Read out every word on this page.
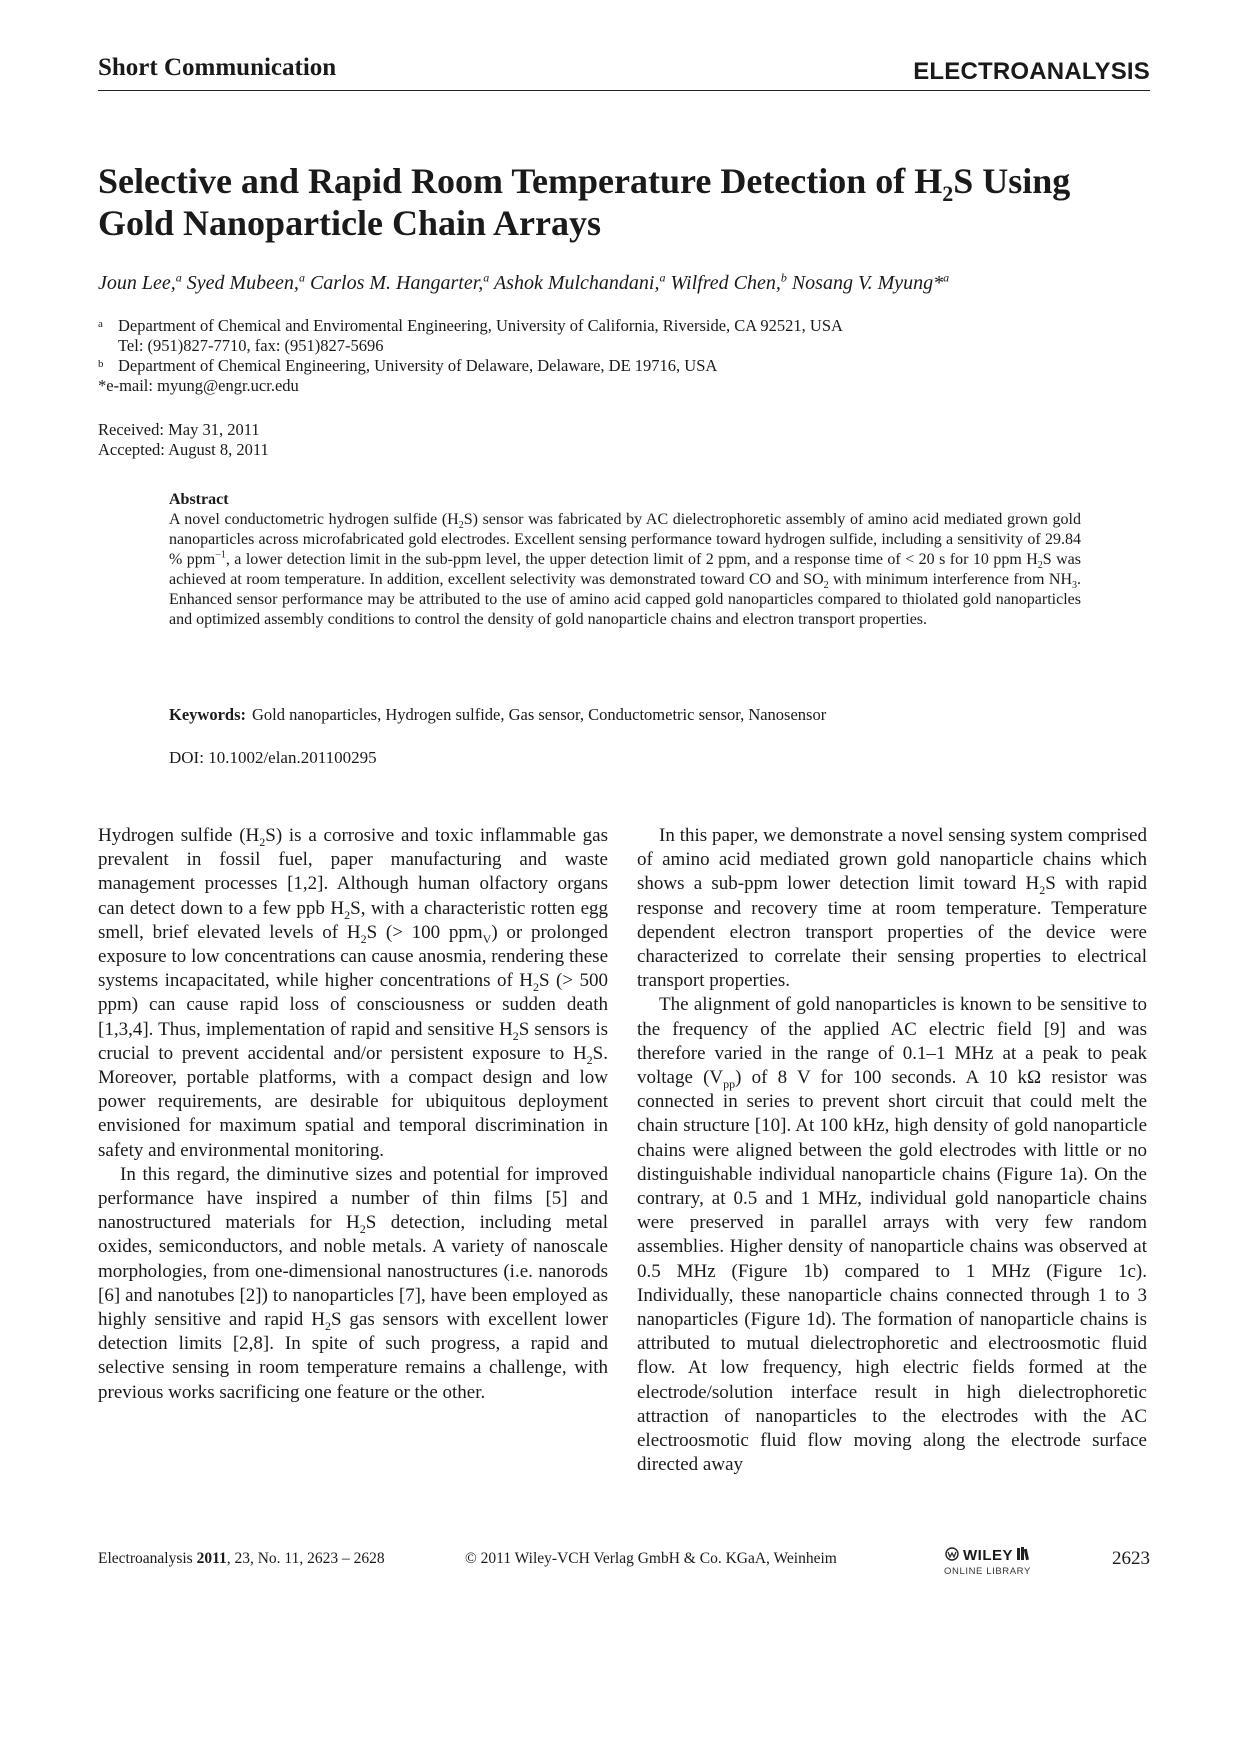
Short Communication	ELECTROANALYSIS
Selective and Rapid Room Temperature Detection of $H_2S$ Using
Gold Nanoparticle Chain Arrays
Joun Lee,$^a$ Syed Mubeen,$^a$ Carlos M. Hangarter,$^a$ Ashok Mulchandani,$^a$ Wilfred Chen,$^b$ Nosang V. Myung*$^a$
a Department of Chemical and Enviromental Engineering, University of California, Riverside, CA 92521, USA
Tel: (951)827-7710, fax: (951)827-5696
b Department of Chemical Engineering, University of Delaware, Delaware, DE 19716, USA
*e-mail: myung@engr.ucr.edu
Received: May 31, 2011
Accepted: August 8, 2011
Abstract

A novel conductometric hydrogen sulfide $(H_2S)$ sensor was fabricated by AC dielectrophoretic assembly of amino acid mediated grown gold nanoparticles across microfabricated gold electrodes. Excellent sensing performance toward hydrogen sulfide, including a sensitivity of 29.84 % ppm$^{-1}$, a lower detection limit in the sub-ppm level, the upper detection limit of 2 ppm, and a response time of < 20 s for 10 ppm $H_2S$ was achieved at room temperature. In addition, excellent selectivity was demonstrated toward CO and $SO_2$ with minimum interference from $NH_3$. Enhanced sensor performance may be attributed to the use of amino acid capped gold nanoparticles compared to thiolated gold nanoparticles and optimized assembly conditions to control the density of gold nanoparticle chains and electron transport properties.

Keywords: Gold nanoparticles, Hydrogen sulfide, Gas sensor, Conductometric sensor, Nanosensor
DOI: 10.1002/elan.201100295

Hydrogen sulfide $(H_2S)$ is a corrosive and toxic inflammable gas prevalent in fossil fuel, paper manufacturing and waste management processes [1,2]. Although human olfactory organs can detect down to a few ppb $H_2S$, with a characteristic rotten egg smell, brief elevated levels of $H_2S$ (> 100 ppm$_V$) or prolonged exposure to low concentrations can cause anosmia, rendering these systems incapacitated, while higher concentrations of $H_2S$ (> 500 ppm) can cause rapid loss of consciousness or sudden death [1,3,4]. Thus, implementation of rapid and sensitive $H_2S$ sensors is crucial to prevent accidental and/or persistent exposure to $H_2S$. Moreover, portable platforms, with a compact design and low power requirements, are desirable for ubiquitous deployment envisioned for maximum spatial and temporal discrimination in safety and environmental monitoring.

In this regard, the diminutive sizes and potential for improved performance have inspired a number of thin films [5] and nanostructured materials for $H_2S$ detection, including metal oxides, semiconductors, and noble metals. A variety of nanoscale morphologies, from one-dimensional nanostructures (i.e. nanorods [6] and nanotubes [2]) to nanoparticles [7], have been employed as highly sensitive and rapid $H_2S$ gas sensors with excellent lower detection limits [2,8]. In spite of such progress, a rapid and selective sensing in room temperature remains a challenge, with previous works sacrificing one feature or the other.

In this paper, we demonstrate a novel sensing system comprised of amino acid mediated grown gold nanoparticle chains which shows a sub-ppm lower detection limit toward $H_2S$ with rapid response and recovery time at room temperature. Temperature dependent electron transport properties of the device were characterized to correlate their sensing properties to electrical transport properties.

The alignment of gold nanoparticles is known to be sensitive to the frequency of the applied AC electric field [9] and was therefore varied in the range of 0.1–1 MHz at a peak to peak voltage $(V_{pp})$ of 8 V for 100 seconds. A 10 kΩ resistor was connected in series to prevent short circuit that could melt the chain structure [10]. At 100 kHz, high density of gold nanoparticle chains were aligned between the gold electrodes with little or no distinguishable individual nanoparticle chains (Figure 1a). On the contrary, at 0.5 and 1 MHz, individual gold nanoparticle chains were preserved in parallel arrays with very few random assemblies. Higher density of nanoparticle chains was observed at 0.5 MHz (Figure 1b) compared to 1 MHz (Figure 1c). Individually, these nanoparticle chains connected through 1 to 3 nanoparticles (Figure 1d). The formation of nanoparticle chains is attributed to mutual dielectrophoretic and electroosmotic fluid flow. At low frequency, high electric fields formed at the electrode/solution interface result in high dielectrophoretic attraction of nanoparticles to the electrodes with the AC electroosmotic fluid flow moving along the electrode surface directed away

Electroanalysis 2011, 23, No. 11, 2623 – 2628	© 2011 Wiley-VCH Verlag GmbH & Co. KGaA, Weinheim	WILEY
ONLINE LIBRARY
2623
